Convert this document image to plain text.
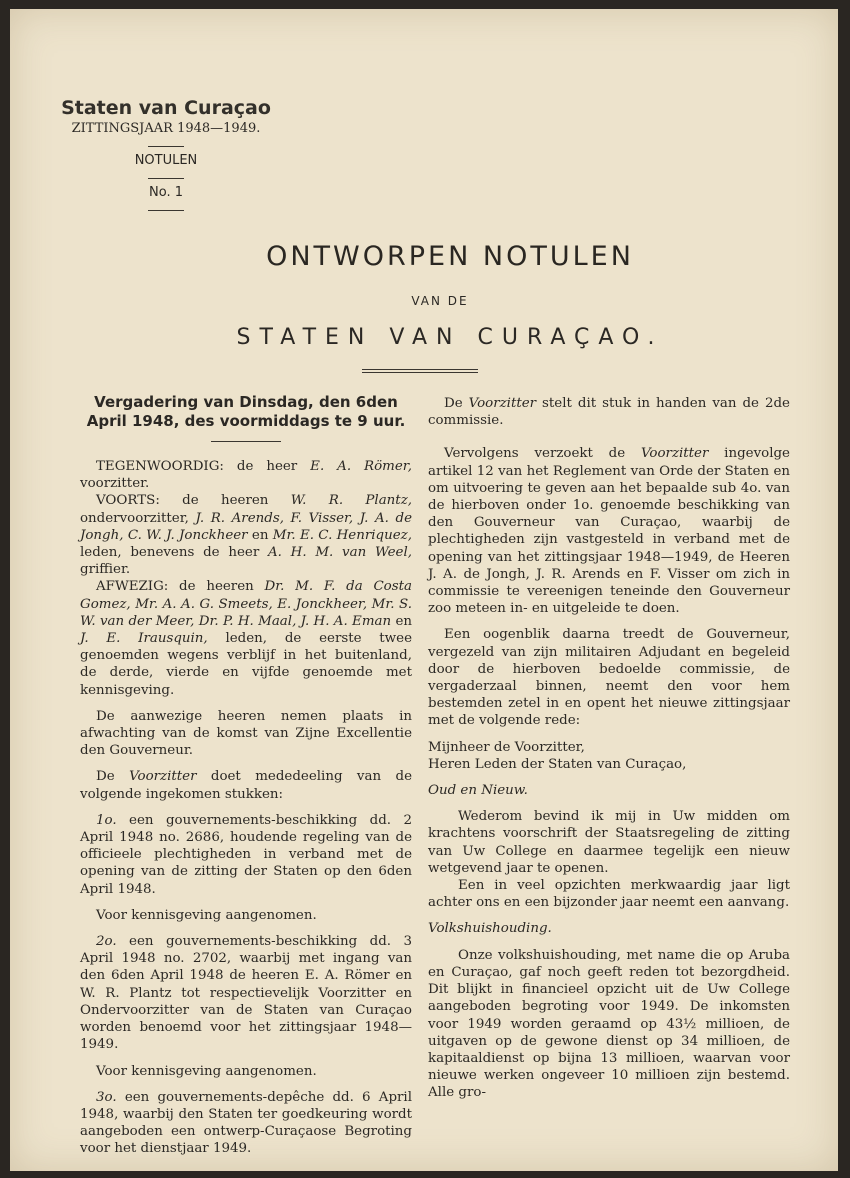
Staten van Curaçao
ZITTINGSJAAR 1948—1949.
NOTULEN
No. 1
ONTWORPEN NOTULEN
VAN DE
STATEN VAN CURAÇAO.
Vergadering van Dinsdag, den 6den April 1948, des voormiddags te 9 uur.

TEGENWOORDIG: de heer E. A. Römer, voorzitter.

VOORTS: de heeren W. R. Plantz, ondervoorzitter, J. R. Arends, F. Visser, J. A. de Jongh, C. W. J. Jonckheer en Mr. E. C. Henriquez, leden, benevens de heer A. H. M. van Weel, griffier.

AFWEZIG: de heeren Dr. M. F. da Costa Gomez, Mr. A. A. G. Smeets, E. Jonckheer, Mr. S. W. van der Meer, Dr. P. H. Maal, J. H. A. Eman en J. E. Irausquin, leden, de eerste twee genoemden wegens verblijf in het buitenland, de derde, vierde en vijfde genoemde met kennisgeving.

De aanwezige heeren nemen plaats in afwachting van de komst van Zijne Excellentie den Gouverneur.

De Voorzitter doet mededeeling van de volgende ingekomen stukken:

1o. een gouvernements-beschikking dd. 2 April 1948 no. 2686, houdende regeling van de officieele plechtigheden in verband met de opening van de zitting der Staten op den 6den April 1948.

Voor kennisgeving aangenomen.

2o. een gouvernements-beschikking dd. 3 April 1948 no. 2702, waarbij met ingang van den 6den April 1948 de heeren E. A. Römer en W. R. Plantz tot respectievelijk Voorzitter en Ondervoorzitter van de Staten van Curaçao worden benoemd voor het zittingsjaar 1948—1949.

Voor kennisgeving aangenomen.

3o. een gouvernements-depêche dd. 6 April 1948, waarbij den Staten ter goedkeuring wordt aangeboden een ontwerp-Curaçaose Begroting voor het dienstjaar 1949.

De Voorzitter stelt dit stuk in handen van de 2de commissie.

Vervolgens verzoekt de Voorzitter ingevolge artikel 12 van het Reglement van Orde der Staten en om uitvoering te geven aan het bepaalde sub 4o. van de hierboven onder 1o. genoemde beschikking van den Gouverneur van Curaçao, waarbij de plechtigheden zijn vastgesteld in verband met de opening van het zittingsjaar 1948—1949, de Heeren J. A. de Jongh, J. R. Arends en F. Visser om zich in commissie te vereenigen teneinde den Gouverneur zoo meteen in- en uitgeleide te doen.

Een oogenblik daarna treedt de Gouverneur, vergezeld van zijn militairen Adjudant en begeleid door de hierboven bedoelde commissie, de vergaderzaal binnen, neemt den voor hem bestemden zetel in en opent het nieuwe zittingsjaar met de volgende rede:

Mijnheer de Voorzitter,

Heren Leden der Staten van Curaçao,

Oud en Nieuw.

Wederom bevind ik mij in Uw midden om krachtens voorschrift der Staatsregeling de zitting van Uw College en daarmee tegelijk een nieuw wetgevend jaar te openen.

Een in veel opzichten merkwaardig jaar ligt achter ons en een bijzonder jaar neemt een aanvang.

Volkshuishouding.

Onze volkshuishouding, met name die op Aruba en Curaçao, gaf noch geeft reden tot bezorgdheid. Dit blijkt in financieel opzicht uit de Uw College aangeboden begroting voor 1949. De inkomsten voor 1949 worden geraamd op 43½ millioen, de uitgaven op de gewone dienst op 34 millioen, de kapitaaldienst op bijna 13 millioen, waarvan voor nieuwe werken ongeveer 10 millioen zijn bestemd. Alle gro-
